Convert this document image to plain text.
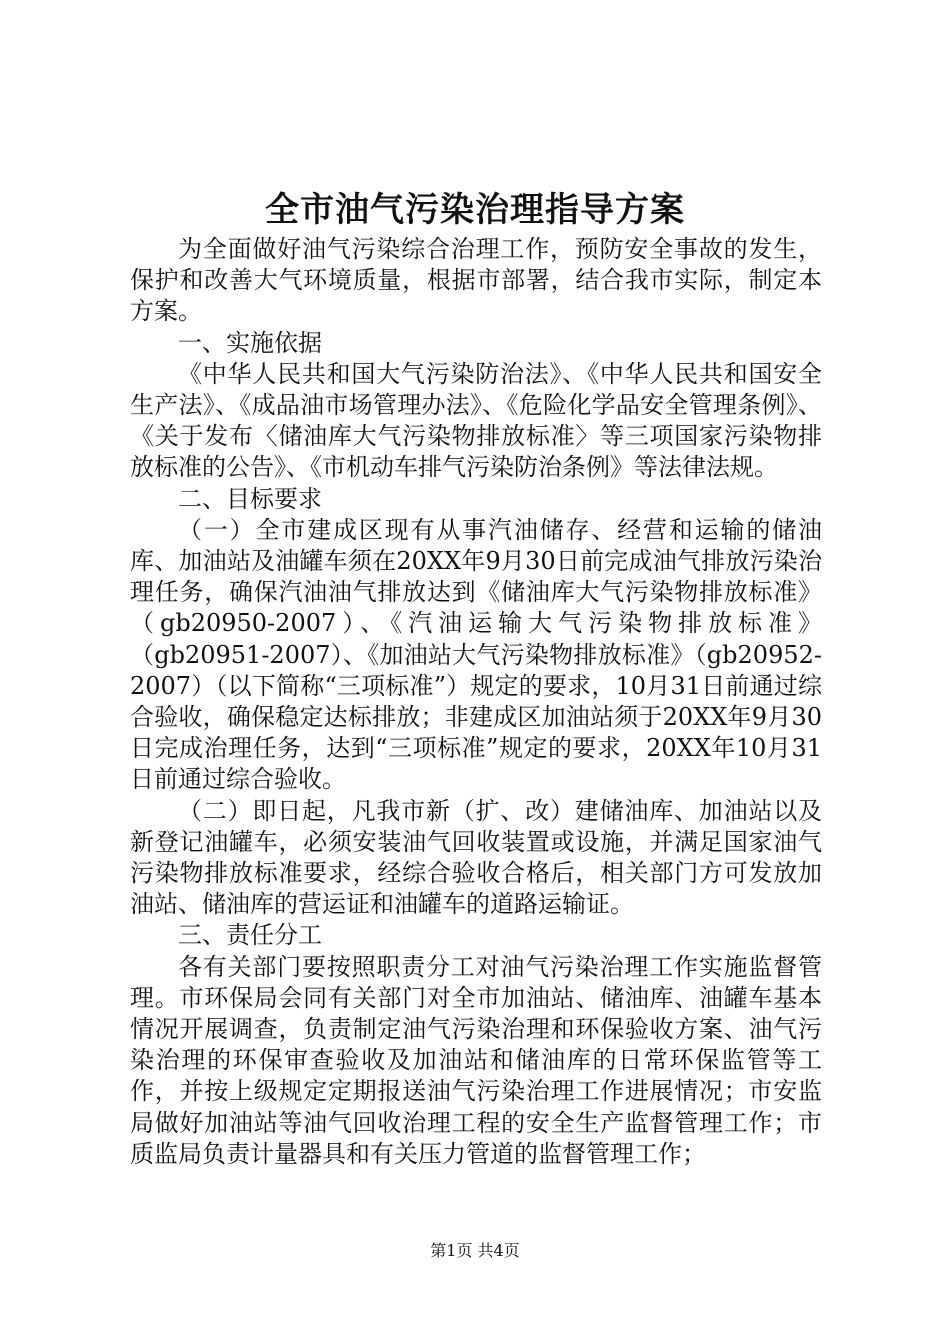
全市油气污染治理指导方案

为全面做好油气污染综合治理工作，预防安全事故的发生，保护和改善大气环境质量，根据市部署，结合我市实际，制定本方案。

一、实施依据

《中华人民共和国大气污染防治法》、《中华人民共和国安全生产法》、《成品油市场管理办法》、《危险化学品安全管理条例》、《关于发布〈储油库大气污染物排放标准〉等三项国家污染物排放标准的公告》、《市机动车排气污染防治条例》等法律法规。

二、目标要求

（一）全市建成区现有从事汽油储存、经营和运输的储油库、加油站及油罐车须在20XX年9月30日前完成油气排放污染治理任务，确保汽油油气排放达到《储油库大气污染物排放标准》（gb20950-2007）、《汽油运输大气污染物排放标准》（gb20951-2007）、《加油站大气污染物排放标准》（gb20952-2007）（以下简称“三项标准”）规定的要求，10月31日前通过综合验收，确保稳定达标排放；非建成区加油站须于20XX年9月30日完成治理任务，达到“三项标准”规定的要求，20XX年10月31日前通过综合验收。

（二）即日起，凡我市新（扩、改）建储油库、加油站以及新登记油罐车，必须安装油气回收装置或设施，并满足国家油气污染物排放标准要求，经综合验收合格后，相关部门方可发放加油站、储油库的营运证和油罐车的道路运输证。

三、责任分工

各有关部门要按照职责分工对油气污染治理工作实施监督管理。市环保局会同有关部门对全市加油站、储油库、油罐车基本情况开展调查，负责制定油气污染治理和环保验收方案、油气污染治理的环保审查验收及加油站和储油库的日常环保监管等工作，并按上级规定定期报送油气污染治理工作进展情况；市安监局做好加油站等油气回收治理工程的安全生产监督管理工作；市质监局负责计量器具和有关压力管道的监督管理工作；

第1页 共4页
